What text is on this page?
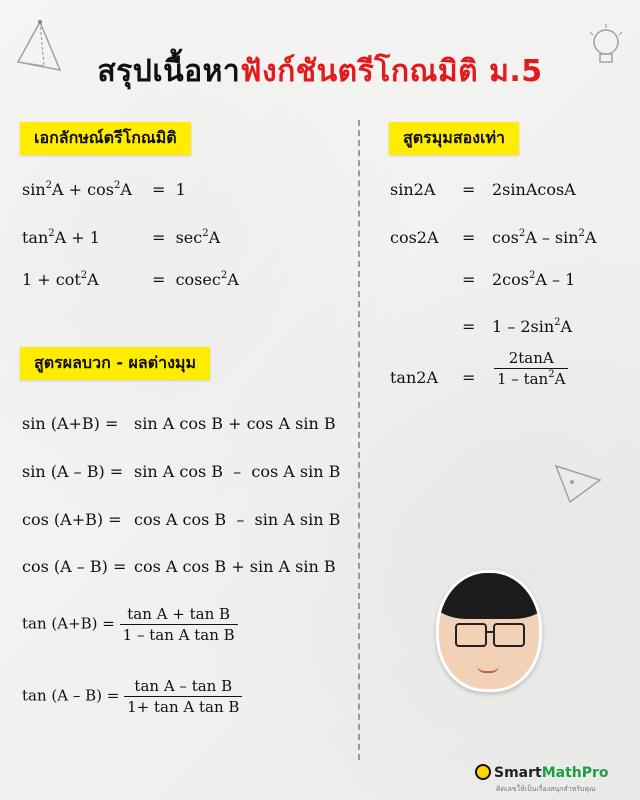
สรุปเนื้อหาฟังก์ชันตรีโกณมิติ ม.5
เอกลักษณ์ตรีโกณมิติ
$\sin^2A + \cos^2A = 1$
$\tan^2A + 1$	=  $\sec^2A$
$1 + \cot^2A$	=  cosec$^2$A
สูตรผลบวก - ผลต่างมุม
sin (A+B) = sin A cos B + cos A sin B
sin (A – B) = sin A cos B  –  cos A sin B
cos (A+B) = cos A cos B  –  sin A sin B
cos (A – B) = cos A cos B + sin A sin B
$\tan (A+B) = \frac{\text{tan A + tan B}}{\text{1 – tan A tan B}}$
$\tan (A - B) = \frac{\text{tan A – tan B}}{\text{1+ tan A tan B}}$
สูตรมุมสองเท่า
sin2A = 2sinAcosA
$\cos 2A = \cos^2A - \sin^2A$
= $2\cos^2A - 1$
= $1 - 2\sin^2A$
$\tan 2A = \frac{2\tan A}{1 - \tan^2A}$
SmartMathPro
คิดเลขให้เป็นเรื่องสนุกสำหรับคุณ
